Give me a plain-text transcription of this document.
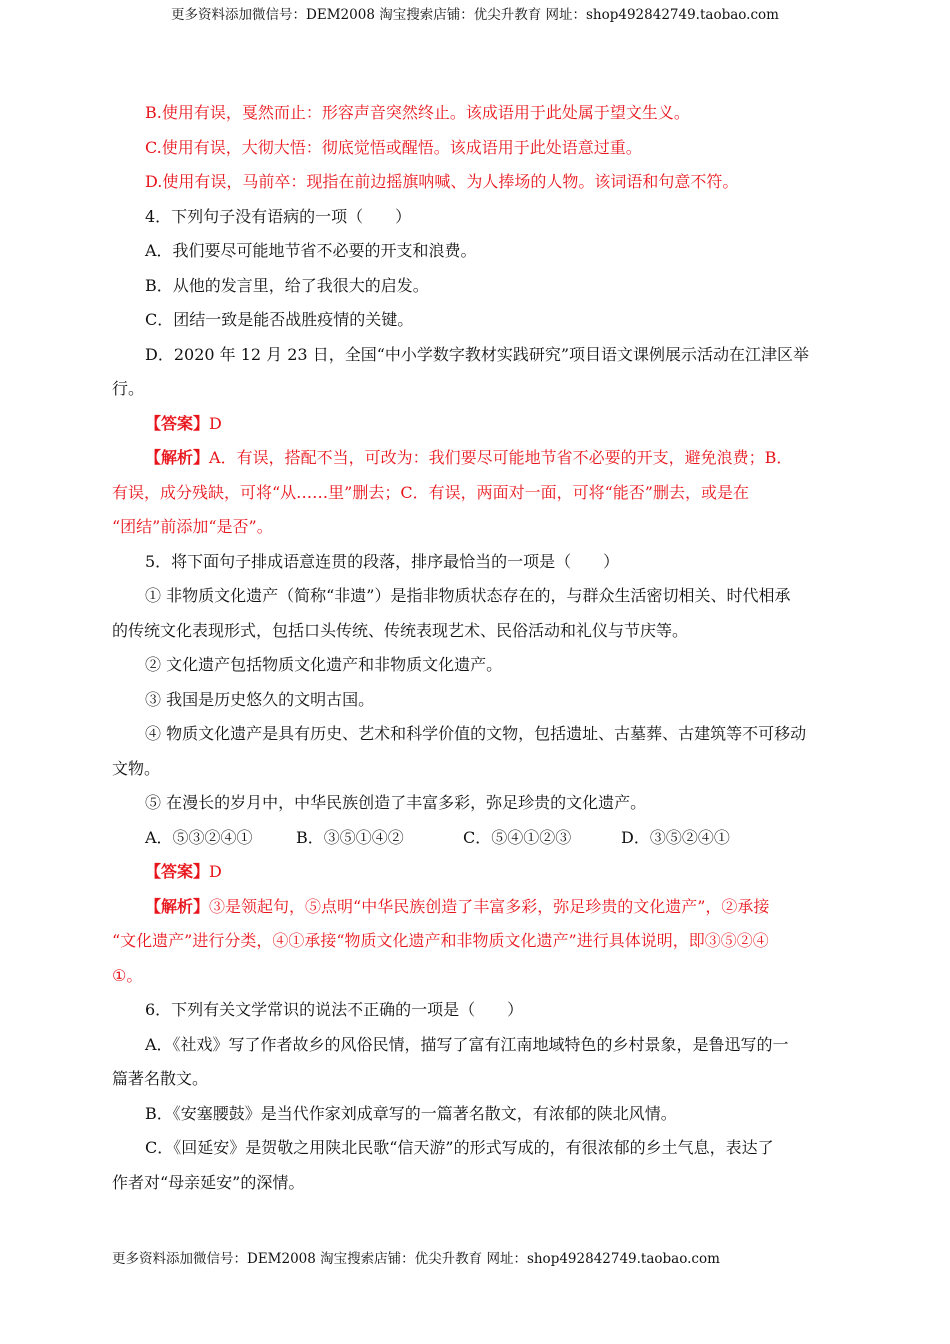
更多资料添加微信号：DEM2008 淘宝搜索店铺：优尖升教育 网址：shop492842749.taobao.com
B.使用有误，戛然而止：形容声音突然终止。该成语用于此处属于望文生义。
C.使用有误，大彻大悟：彻底觉悟或醒悟。该成语用于此处语意过重。
D.使用有误，马前卒：现指在前边摇旗呐喊、为人捧场的人物。该词语和句意不符。
4．下列句子没有语病的一项（　　）
A．我们要尽可能地节省不必要的开支和浪费。
B．从他的发言里，给了我很大的启发。
C．团结一致是能否战胜疫情的关键。
D．2020 年 12 月 23 日，全国“中小学数字教材实践研究”项目语文课例展示活动在江津区举
行。
【答案】D
【解析】A．有误，搭配不当，可改为：我们要尽可能地节省不必要的开支，避免浪费；B．
有误，成分残缺，可将“从……里”删去；C．有误，两面对一面，可将“能否”删去，或是在
“团结”前添加“是否”。
5．将下面句子排成语意连贯的段落，排序最恰当的一项是（　　）
① 非物质文化遗产（简称“非遗”）是指非物质状态存在的，与群众生活密切相关、时代相承
的传统文化表现形式，包括口头传统、传统表现艺术、民俗活动和礼仪与节庆等。
② 文化遗产包括物质文化遗产和非物质文化遗产。
③ 我国是历史悠久的文明古国。
④ 物质文化遗产是具有历史、艺术和科学价值的文物，包括遗址、古墓葬、古建筑等不可移动
文物。
⑤ 在漫长的岁月中，中华民族创造了丰富多彩，弥足珍贵的文化遗产。
A．⑤③②④①	B．③⑤①④②	C．⑤④①②③	D．③⑤②④①
【答案】D
【解析】③是领起句，⑤点明“中华民族创造了丰富多彩，弥足珍贵的文化遗产”，②承接
“文化遗产”进行分类，④①承接“物质文化遗产和非物质文化遗产”进行具体说明，即③⑤②④
①。
6．下列有关文学常识的说法不正确的一项是（　　）
A．《社戏》写了作者故乡的风俗民情，描写了富有江南地域特色的乡村景象，是鲁迅写的一
篇著名散文。
B．《安塞腰鼓》是当代作家刘成章写的一篇著名散文，有浓郁的陕北风情。
C．《回延安》是贺敬之用陕北民歌“信天游”的形式写成的，有很浓郁的乡土气息，表达了
作者对“母亲延安”的深情。
更多资料添加微信号：DEM2008 淘宝搜索店铺：优尖升教育 网址：shop492842749.taobao.com
